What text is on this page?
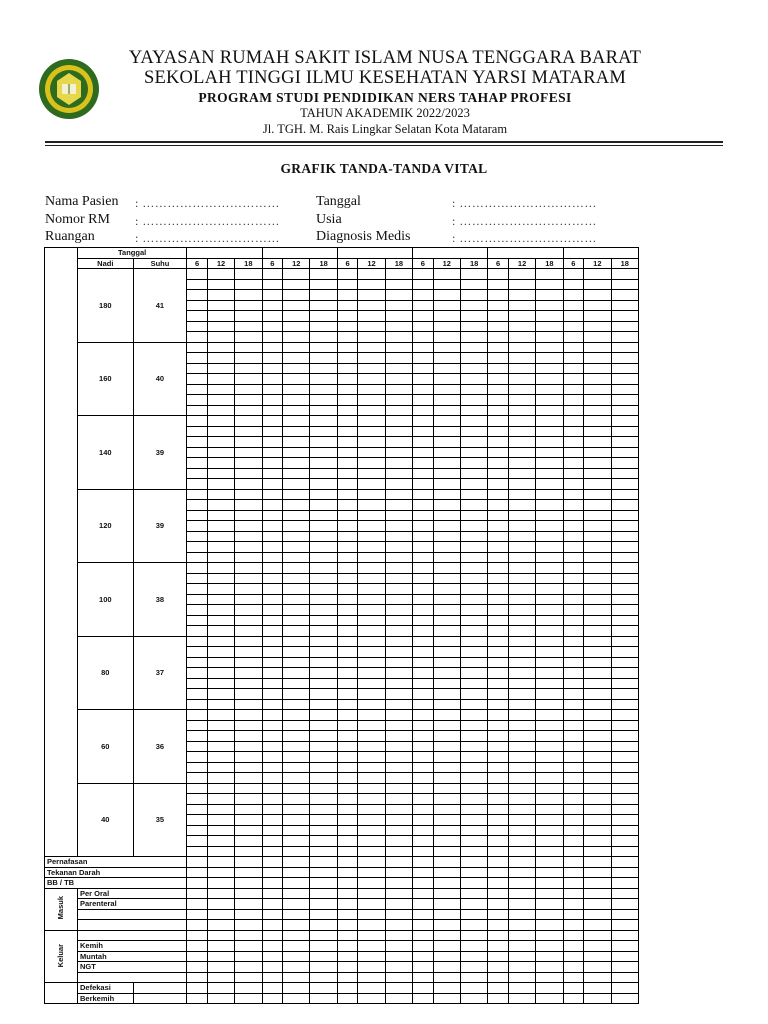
YAYASAN RUMAH SAKIT ISLAM NUSA TENGGARA BARAT
SEKOLAH TINGGI ILMU KESEHATAN YARSI MATARAM
PROGRAM STUDI PENDIDIKAN NERS TAHAP PROFESI
TAHUN AKADEMIK 2022/2023
Jl. TGH. M. Rais Lingkar Selatan Kota Mataram
GRAFIK TANDA-TANDA VITAL
Nama Pasien : ……………………………
Nomor RM : ……………………………
Ruangan	: ……………………………
Tanggal	: ……………………………
Usia	: ……………………………
Diagnosis Medis	: ……………………………
	Tanggal																			
	Nadi	Suhu	6	12	18	6	12	18	6	12	18	6	12	18	6	12	18	6	12	18
	180	41																		

	160	40																		

	140	39																		

	120	39																		

	100	38																		

	80	37																		

	60	36																		

	40	35																		

Pernafasan																				
Tekanan Darah																				
BB / TB																				
Masuk	Per Oral																			
	Parenteral																			

Keluar																				
	Kemih																			
	Muntah																			
	NGT																			

	Defekasi																			
	Berkemih																			
